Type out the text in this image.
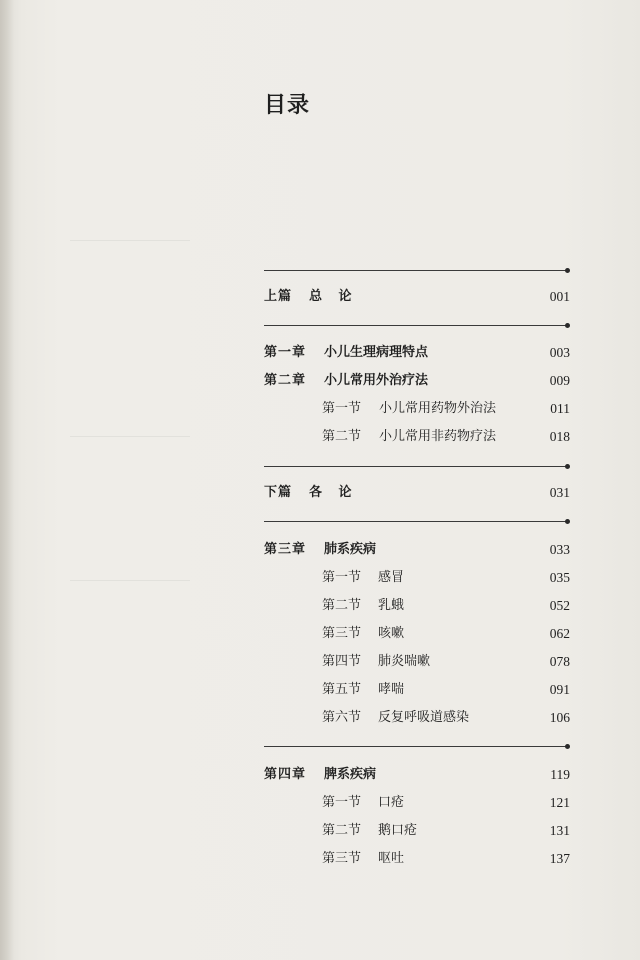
目录
上篇 总 论	001
第一章 小儿生理病理特点	003
第二章 小儿常用外治疗法	009
第一节 小儿常用药物外治法	011
第二节 小儿常用非药物疗法	018
下篇 各 论	031
第三章 肺系疾病	033
第一节 感冒	035
第二节 乳蛾	052
第三节 咳嗽	062
第四节 肺炎喘嗽	078
第五节 哮喘	091
第六节 反复呼吸道感染	106
第四章 脾系疾病	119
第一节 口疮	121
第二节 鹅口疮	131
第三节 呕吐	137
